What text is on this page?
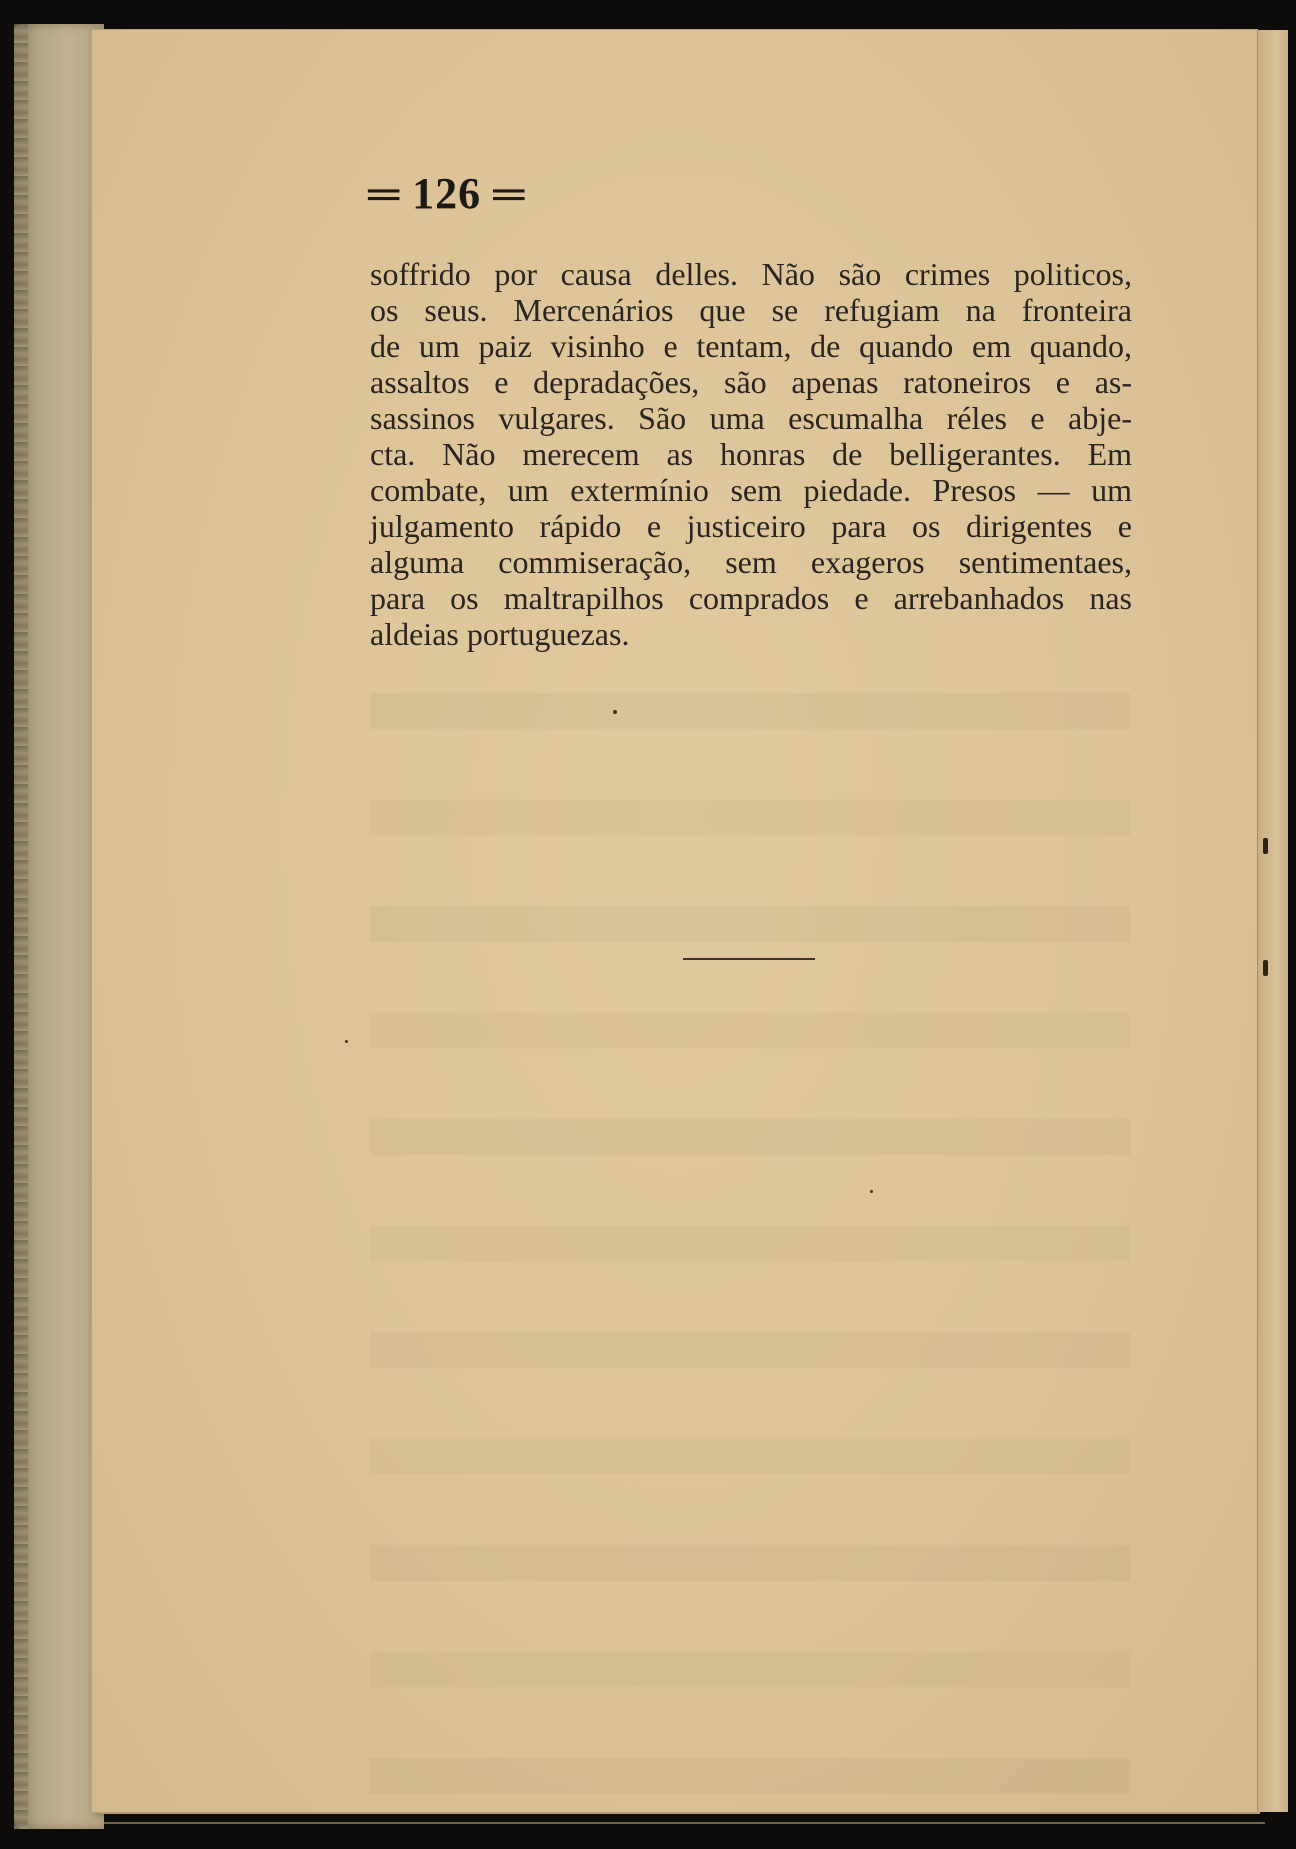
═ 126 ═

soffrido por causa delles. Não são crimes politicos,
os seus. Mercenários que se refugiam na fronteira
de um paiz visinho e tentam, de quando em quando,
assaltos e depradações, são apenas ratoneiros e as-
sassinos vulgares. São uma escumalha réles e abje-
cta. Não merecem as honras de belligerantes. Em
combate, um extermínio sem piedade. Presos — um
julgamento rápido e justiceiro para os dirigentes e
alguma commiseração, sem exageros sentimentaes,
para os maltrapilhos comprados e arrebanhados nas
aldeias portuguezas.
